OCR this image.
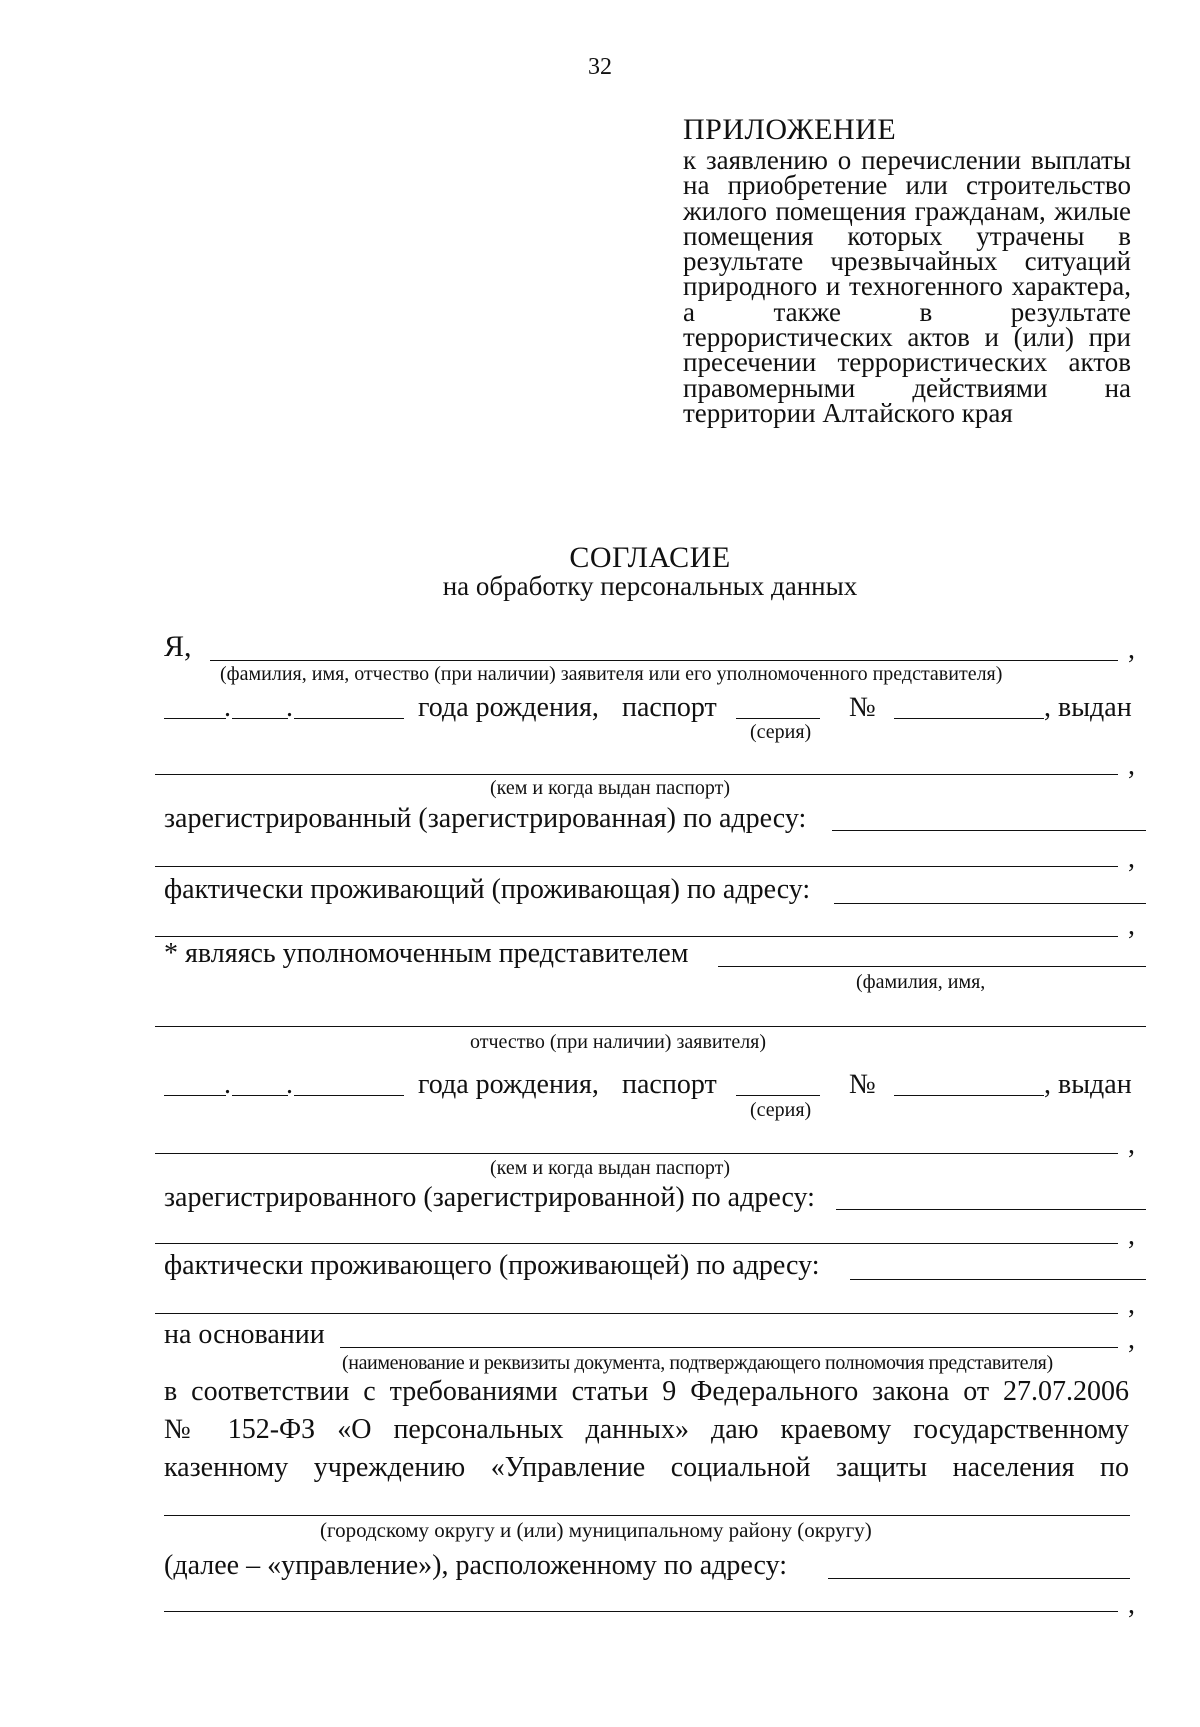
32
ПРИЛОЖЕНИЕ
к заявлению о перечислении выплаты на приобретение или строительство жилого помещения гражданам, жилые помещения которых утрачены в результате чрезвычайных ситуаций природного и техногенного характера, а также в результате террористических актов и (или) при пресечении террористических актов правомерными действиями на территории Алтайского края
СОГЛАСИЕ
на обработку персональных данных
Я,	,
(фамилия, имя, отчество (при наличии) заявителя или его уполномоченного представителя)
. .	года рождения, паспорт	№	, выдан
(серия)
,
(кем и когда выдан паспорт)
зарегистрированный (зарегистрированная) по адресу:
,
фактически проживающий (проживающая) по адресу:
,
* являясь уполномоченным представителем
(фамилия, имя,
отчество (при наличии) заявителя)
. .	года рождения, паспорт	№	, выдан
(серия)
,
(кем и когда выдан паспорт)
зарегистрированного (зарегистрированной) по адресу:
,
фактически проживающего (проживающей) по адресу:
,
на основании	,
(наименование и реквизиты документа, подтверждающего полномочия представителя)
в соответствии с требованиями статьи 9 Федерального закона от 27.07.2006
№ 152-ФЗ «О персональных данных» даю краевому государственному
казенному учреждению «Управление социальной защиты населения по
(городскому округу и (или) муниципальному району (округу)
(далее – «управление»), расположенному по адресу:
,
